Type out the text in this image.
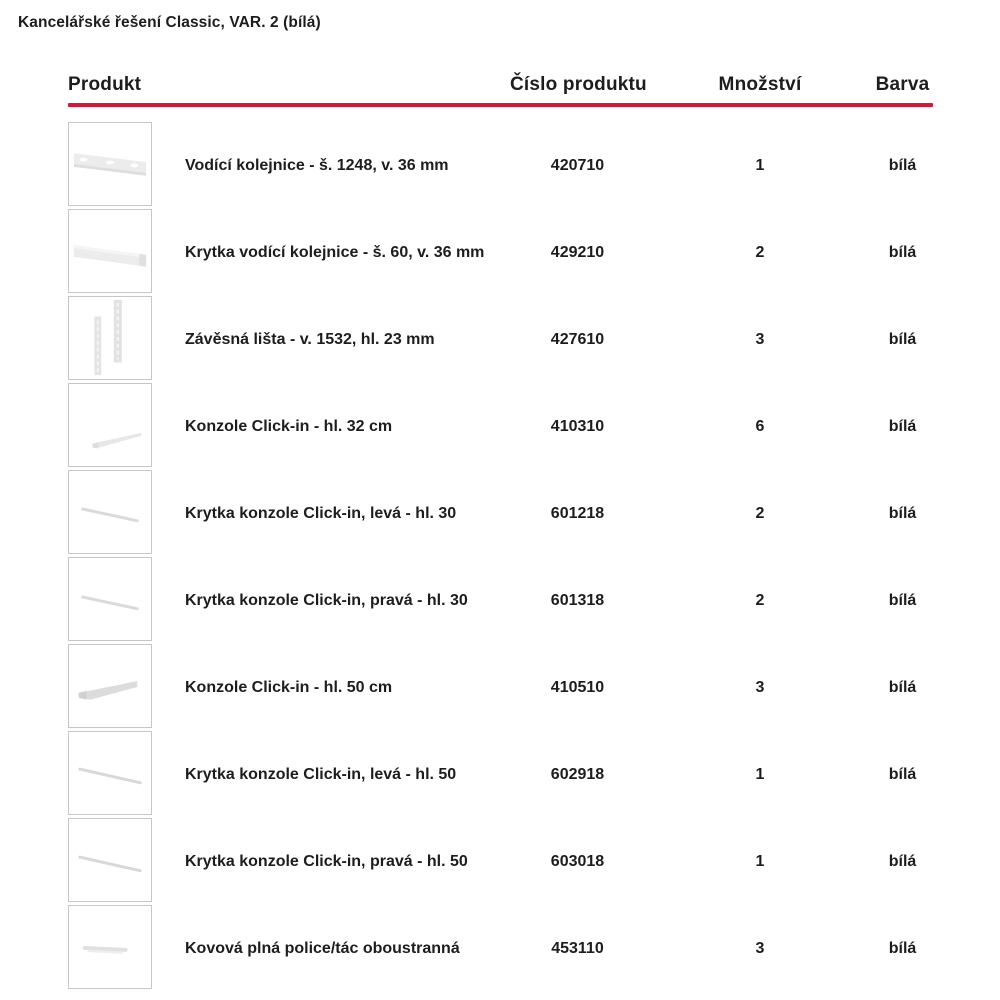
Kancelářské řešení Classic, VAR. 2 (bílá)
Produkt	Číslo produktu	Množství	Barva
Vodící kolejnice - š. 1248, v. 36 mm	420710	1	bílá
Krytka vodící kolejnice - š. 60, v. 36 mm	429210	2	bílá
Závěsná lišta - v. 1532, hl. 23 mm	427610	3	bílá
Konzole Click-in - hl. 32 cm	410310	6	bílá
Krytka konzole Click-in, levá - hl. 30	601218	2	bílá
Krytka konzole Click-in, pravá - hl. 30	601318	2	bílá
Konzole Click-in - hl. 50 cm	410510	3	bílá
Krytka konzole Click-in, levá - hl. 50	602918	1	bílá
Krytka konzole Click-in, pravá - hl. 50	603018	1	bílá
Kovová plná police/tác oboustranná	453110	3	bílá
